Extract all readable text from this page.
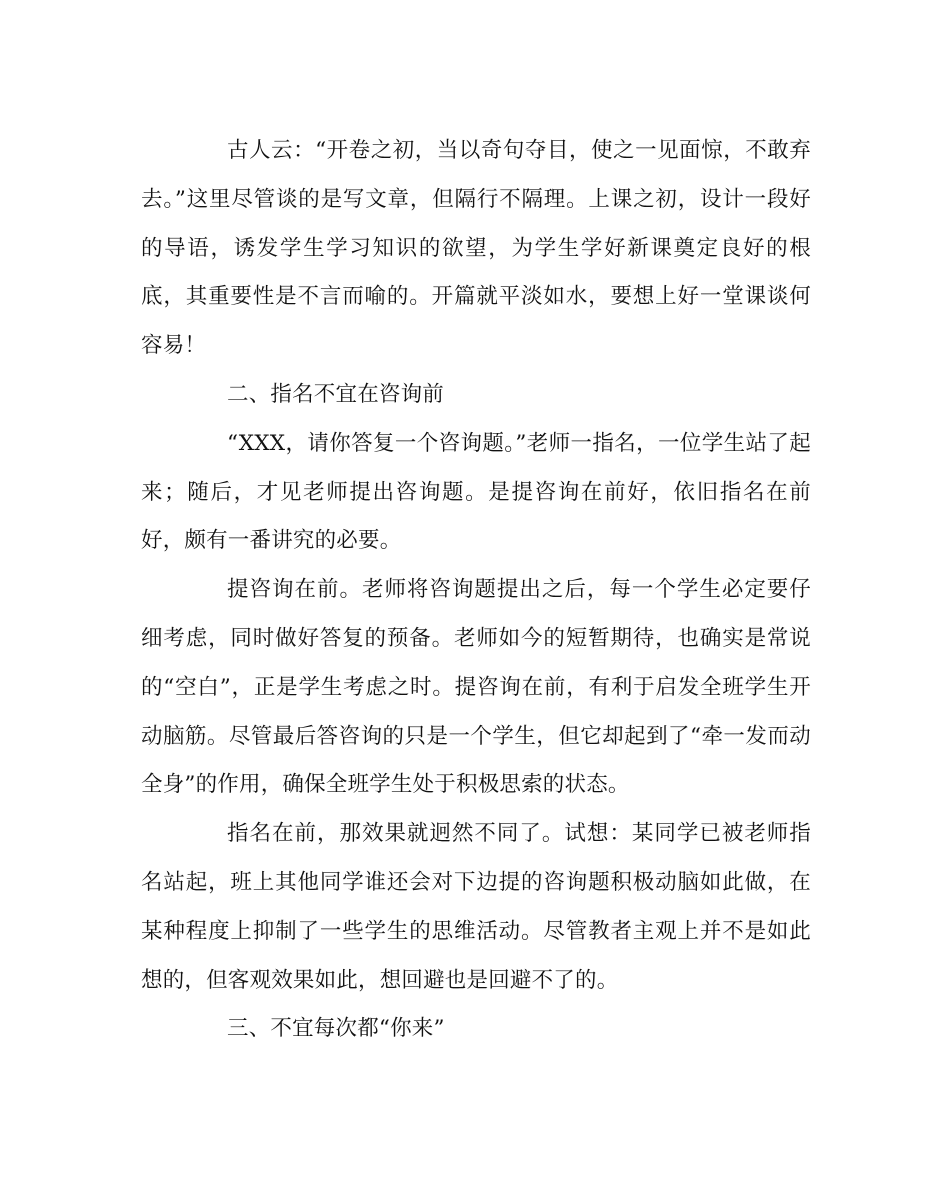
古人云：“开卷之初，当以奇句夺目，使之一见面惊，不敢弃去。”这里尽管谈的是写文章，但隔行不隔理。上课之初，设计一段好的导语，诱发学生学习知识的欲望，为学生学好新课奠定良好的根底，其重要性是不言而喻的。开篇就平淡如水，要想上好一堂课谈何容易！

二、指名不宜在咨询前

“XXX，请你答复一个咨询题。”老师一指名，一位学生站了起来；随后，才见老师提出咨询题。是提咨询在前好，依旧指名在前好，颇有一番讲究的必要。

提咨询在前。老师将咨询题提出之后，每一个学生必定要仔细考虑，同时做好答复的预备。老师如今的短暂期待，也确实是常说的“空白”，正是学生考虑之时。提咨询在前，有利于启发全班学生开动脑筋。尽管最后答咨询的只是一个学生，但它却起到了“牵一发而动全身”的作用，确保全班学生处于积极思索的状态。

指名在前，那效果就迥然不同了。试想：某同学已被老师指名站起，班上其他同学谁还会对下边提的咨询题积极动脑如此做，在某种程度上抑制了一些学生的思维活动。尽管教者主观上并不是如此想的，但客观效果如此，想回避也是回避不了的。

三、不宜每次都“你来”
